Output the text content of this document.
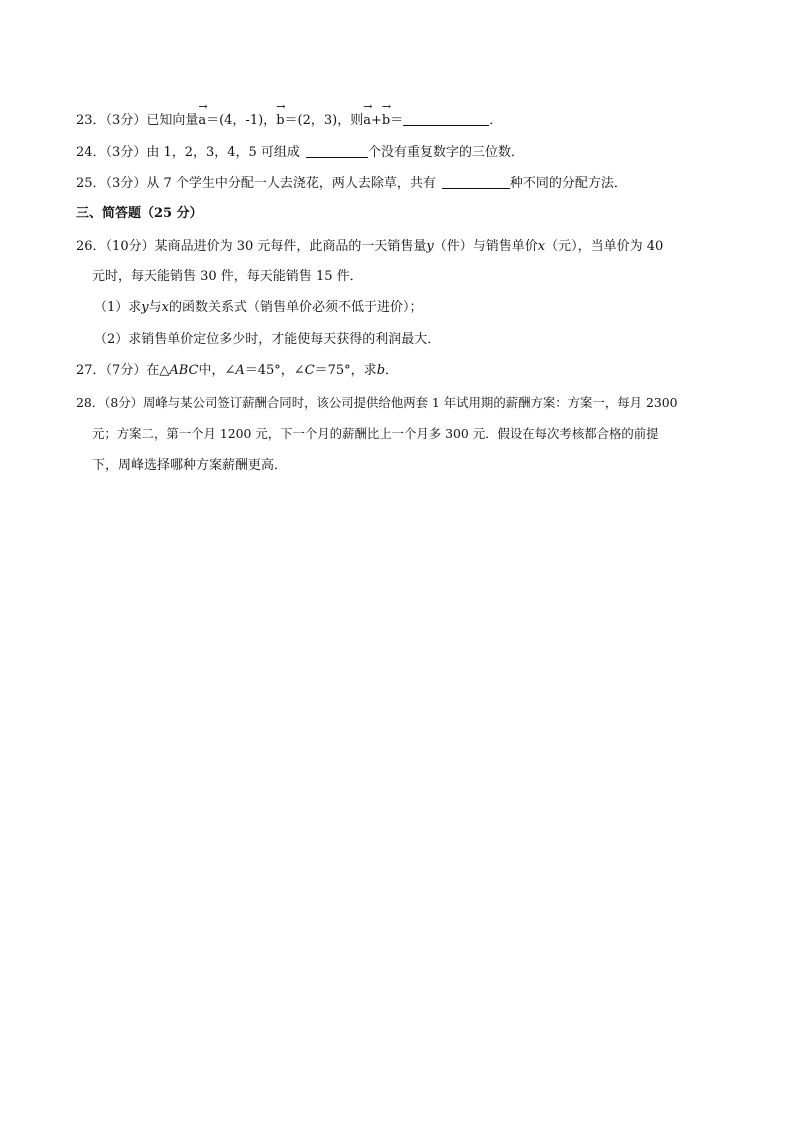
23．（3分）已知向量
→
a＝(4，-1)，
→
b＝(2，3)，则
→
a+
→
b＝	．
24．（3分）由 1，2，3，4，5 可组成	个没有重复数字的三位数．
25．（3分）从 7 个学生中分配一人去浇花，两人去除草，共有	种不同的分配方法．
三、简答题（25 分）
26．（10分）某商品进价为 30 元每件，此商品的一天销售量y（件）与销售单价x（元），当单价为 40
元时，每天能销售 30 件，每天能销售 15 件．
（1）求y与x的函数关系式（销售单价必须不低于进价）；
（2）求销售单价定位多少时，才能使每天获得的利润最大．
27．（7分）在△ABC中，∠A＝45°，∠C＝75°，求b．
28．（8分）周峰与某公司签订薪酬合同时，该公司提供给他两套 1 年试用期的薪酬方案：方案一，每月 2300
元；方案二，第一个月 1200 元，下一个月的薪酬比上一个月多 300 元．假设在每次考核都合格的前提
下，周峰选择哪种方案薪酬更高．
